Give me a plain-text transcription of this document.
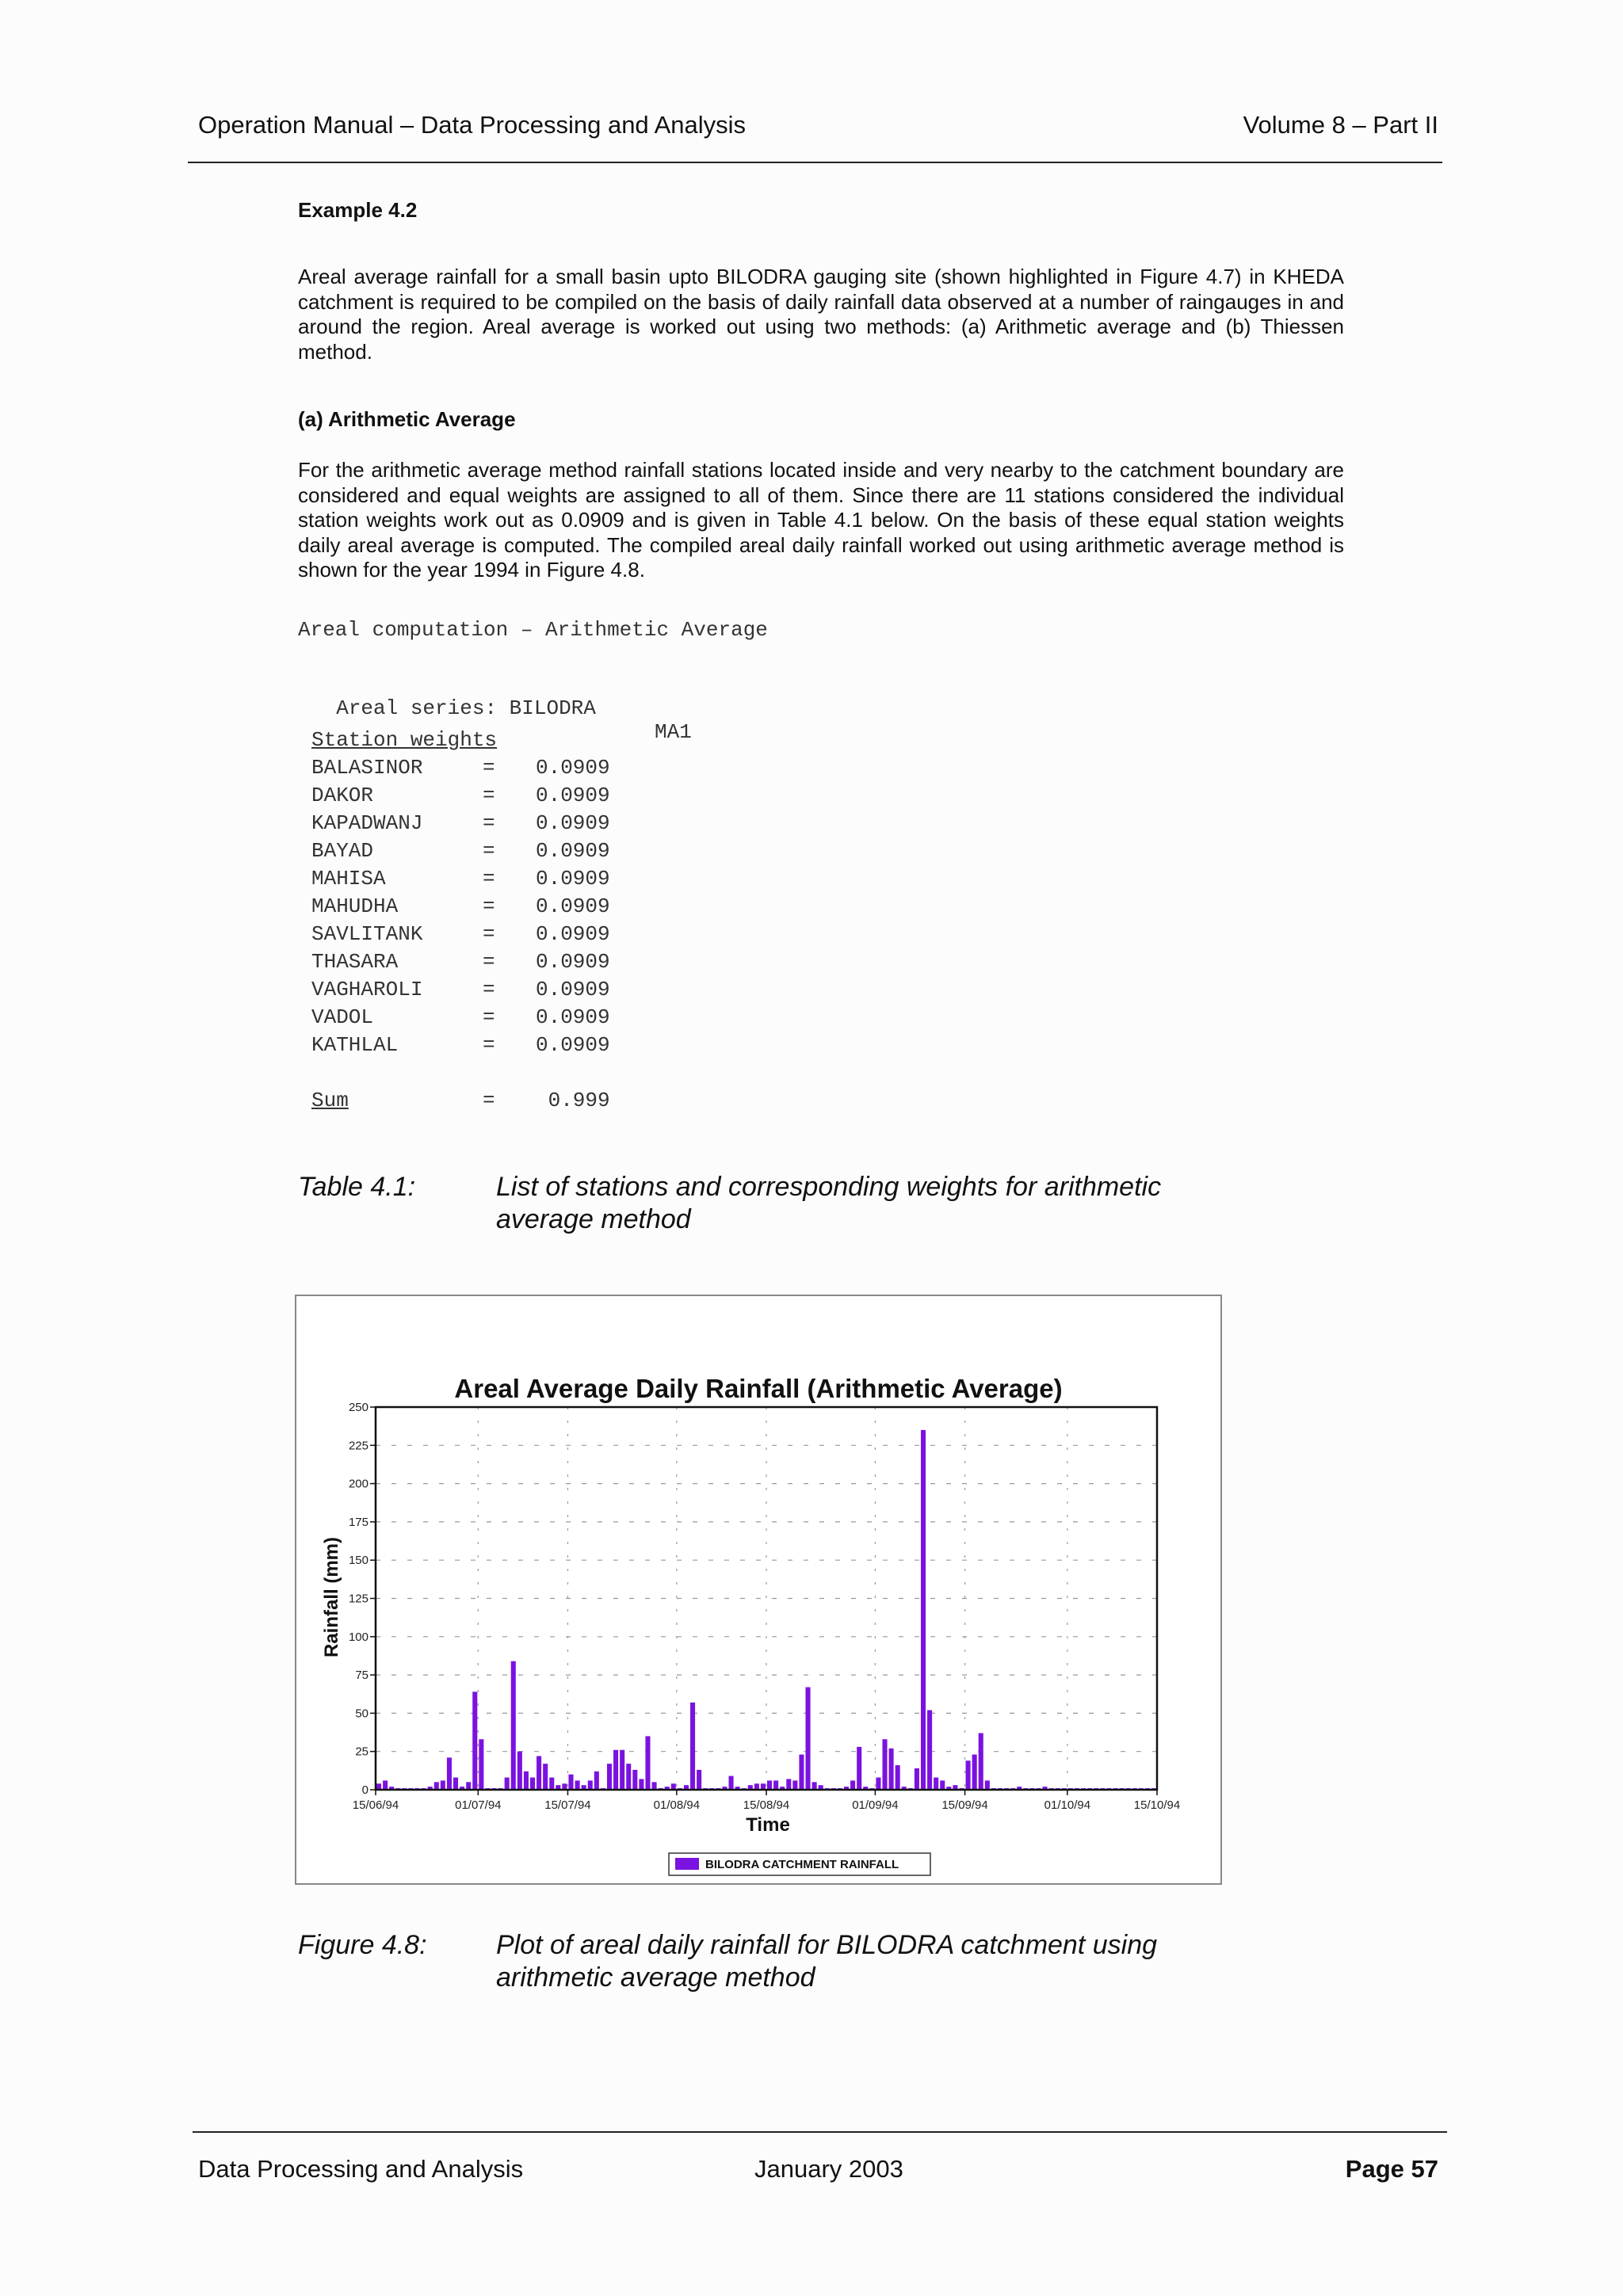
Operation Manual – Data Processing and Analysis	Volume 8 – Part II
Example 4.2
Areal average rainfall for a small basin upto BILODRA gauging site (shown highlighted in Figure 4.7) in KHEDA catchment is required to be compiled on the basis of daily rainfall data observed at a number of raingauges in and around the region. Areal average is worked out using two methods: (a) Arithmetic average and (b) Thiessen method.
(a) Arithmetic Average
For the arithmetic average method rainfall stations located inside and very nearby to the catchment boundary are considered and equal weights are assigned to all of them. Since there are 11 stations considered the individual station weights work out as 0.0909 and is given in Table 4.1 below. On the basis of these equal station weights daily areal average is computed. The compiled areal daily rainfall worked out using arithmetic average method is shown for the year 1994 in Figure 4.8.
Areal computation – Arithmetic Average

Areal series: BILODRA

MA1

Station weights
BALASINOR	= 0.0909
DAKOR	= 0.0909
KAPADWANJ	= 0.0909
BAYAD	= 0.0909
MAHISA	= 0.0909
MAHUDHA	= 0.0909
SAVLITANK	= 0.0909
THASARA	= 0.0909
VAGHAROLI	= 0.0909
VADOL	= 0.0909
KATHLAL	= 0.0909
Sum	= 0.999
Table 4.1:	List of stations and corresponding weights for arithmetic average method
Areal Average Daily Rainfall (Arithmetic Average)
0
25
50
75
100
125
150
175
200
225
250
15/06/94	01/07/94	15/07/94	01/08/94	15/08/94	01/09/94	15/09/94	01/10/94	15/10/94
Time
Rainfall (mm)
BILODRA CATCHMENT RAINFALL
Figure 4.8:	Plot of areal daily rainfall for BILODRA catchment using arithmetic average method
Data Processing and Analysis	January 2003	Page 57
